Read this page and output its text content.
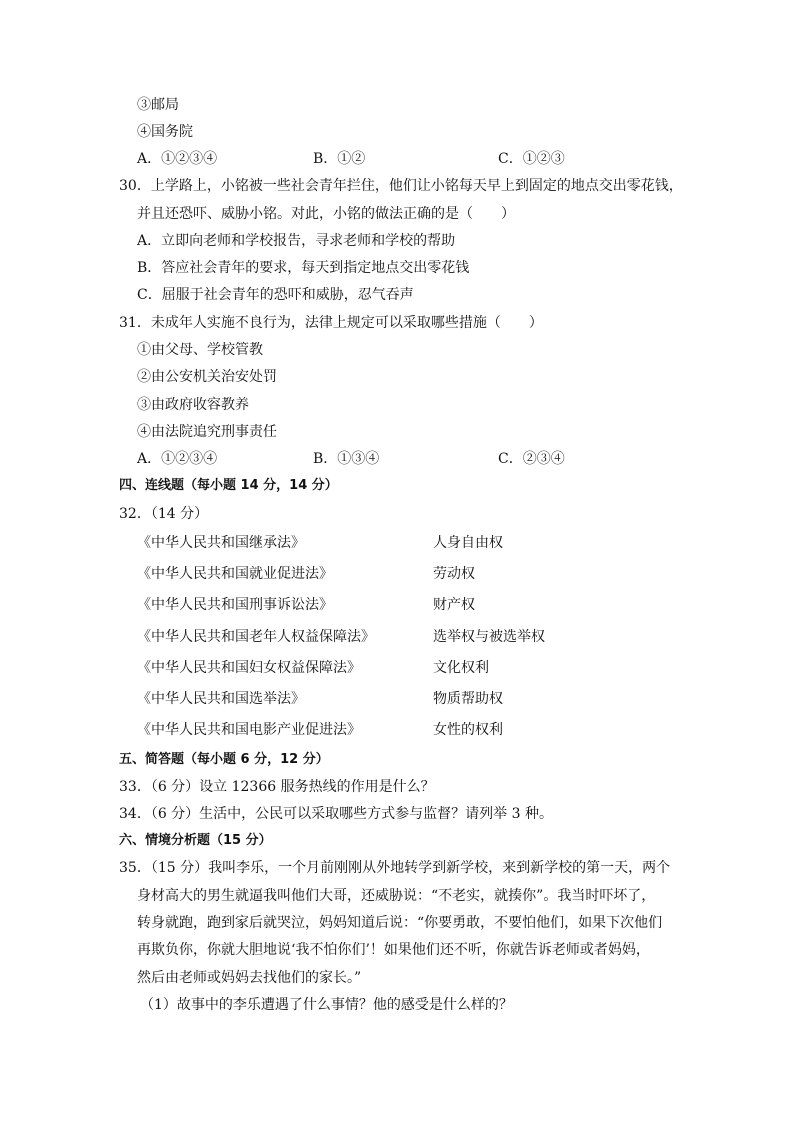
③邮局
④国务院
A．①②③④	B．①②	C．①②③
30．上学路上，小铭被一些社会青年拦住，他们让小铭每天早上到固定的地点交出零花钱，
并且还恐吓、威胁小铭。对此，小铭的做法正确的是（　　）
A．立即向老师和学校报告，寻求老师和学校的帮助
B．答应社会青年的要求，每天到指定地点交出零花钱
C．屈服于社会青年的恐吓和威胁，忍气吞声
31．未成年人实施不良行为，法律上规定可以采取哪些措施（　　）
①由父母、学校管教
②由公安机关治安处罚
③由政府收容教养
④由法院追究刑事责任
A．①②③④	B．①③④	C．②③④
四、连线题（每小题 14 分，14 分）
32．（14 分）
《中华人民共和国继承法》	人身自由权
《中华人民共和国就业促进法》	劳动权
《中华人民共和国刑事诉讼法》	财产权
《中华人民共和国老年人权益保障法》	选举权与被选举权
《中华人民共和国妇女权益保障法》	文化权利
《中华人民共和国选举法》	物质帮助权
《中华人民共和国电影产业促进法》	女性的权利
五、简答题（每小题 6 分，12 分）
33．（6 分）设立 12366 服务热线的作用是什么？
34．（6 分）生活中，公民可以采取哪些方式参与监督？请列举 3 种。
六、情境分析题（15 分）
35．（15 分）我叫李乐，一个月前刚刚从外地转学到新学校，来到新学校的第一天，两个
身材高大的男生就逼我叫他们大哥，还威胁说：“不老实，就揍你”。我当时吓坏了，
转身就跑，跑到家后就哭泣，妈妈知道后说：“你要勇敢，不要怕他们，如果下次他们
再欺负你，你就大胆地说‘我不怕你们’！如果他们还不听，你就告诉老师或者妈妈，
然后由老师或妈妈去找他们的家长。”
（1）故事中的李乐遭遇了什么事情？他的感受是什么样的？
